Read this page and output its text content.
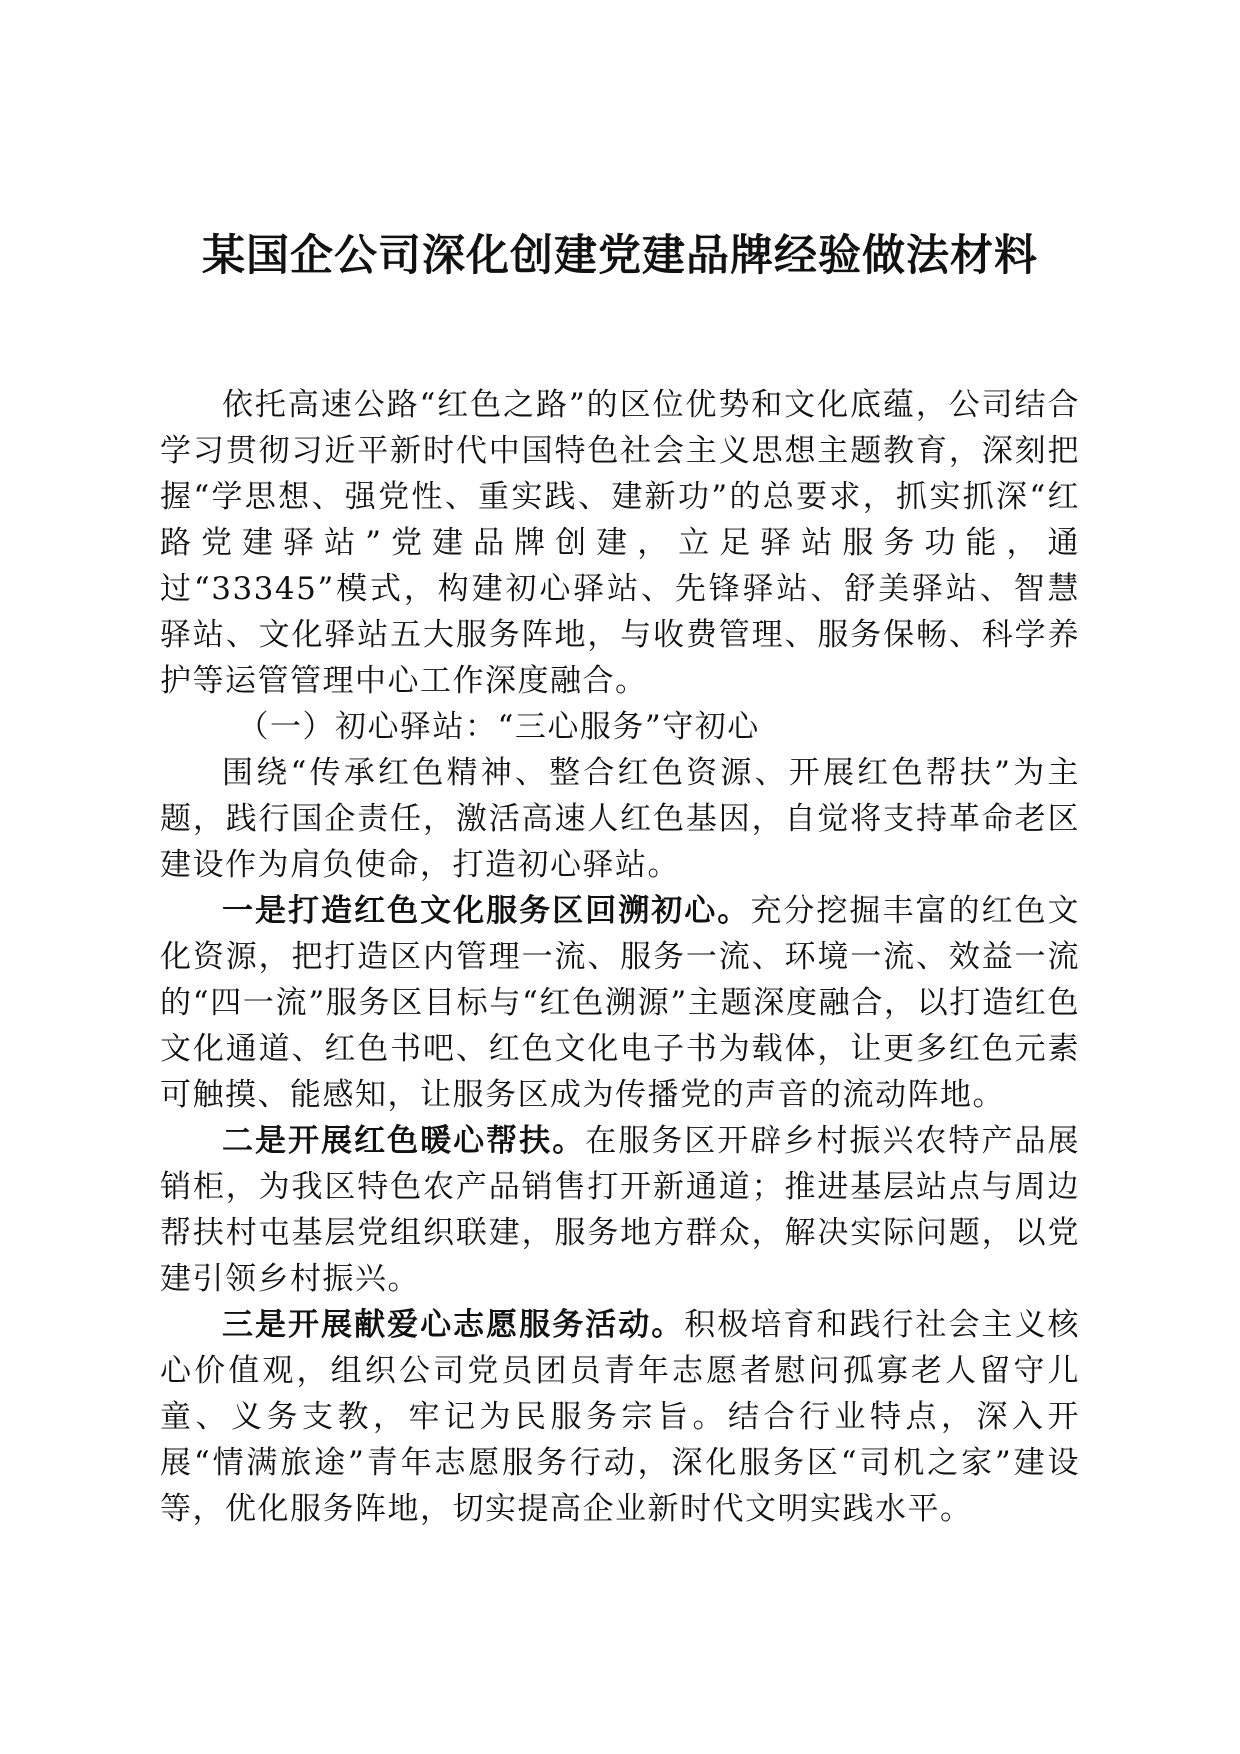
某国企公司深化创建党建品牌经验做法材料

依托高速公路“红色之路”的区位优势和文化底蕴，公司结合学习贯彻习近平新时代中国特色社会主义思想主题教育，深刻把握“学思想、强党性、重实践、建新功”的总要求，抓实抓深“红路党建驿站”党建品牌创建，立足驿站服务功能，通过“33345”模式，构建初心驿站、先锋驿站、舒美驿站、智慧驿站、文化驿站五大服务阵地，与收费管理、服务保畅、科学养护等运管管理中心工作深度融合。

（一）初心驿站：“三心服务”守初心

围绕“传承红色精神、整合红色资源、开展红色帮扶”为主题，践行国企责任，激活高速人红色基因，自觉将支持革命老区建设作为肩负使命，打造初心驿站。

一是打造红色文化服务区回溯初心。充分挖掘丰富的红色文化资源，把打造区内管理一流、服务一流、环境一流、效益一流的“四一流”服务区目标与“红色溯源”主题深度融合，以打造红色文化通道、红色书吧、红色文化电子书为载体，让更多红色元素可触摸、能感知，让服务区成为传播党的声音的流动阵地。

二是开展红色暖心帮扶。在服务区开辟乡村振兴农特产品展销柜，为我区特色农产品销售打开新通道；推进基层站点与周边帮扶村屯基层党组织联建，服务地方群众，解决实际问题，以党建引领乡村振兴。

三是开展献爱心志愿服务活动。积极培育和践行社会主义核心价值观，组织公司党员团员青年志愿者慰问孤寡老人留守儿童、义务支教，牢记为民服务宗旨。结合行业特点，深入开展“情满旅途”青年志愿服务行动，深化服务区“司机之家”建设等，优化服务阵地，切实提高企业新时代文明实践水平。
